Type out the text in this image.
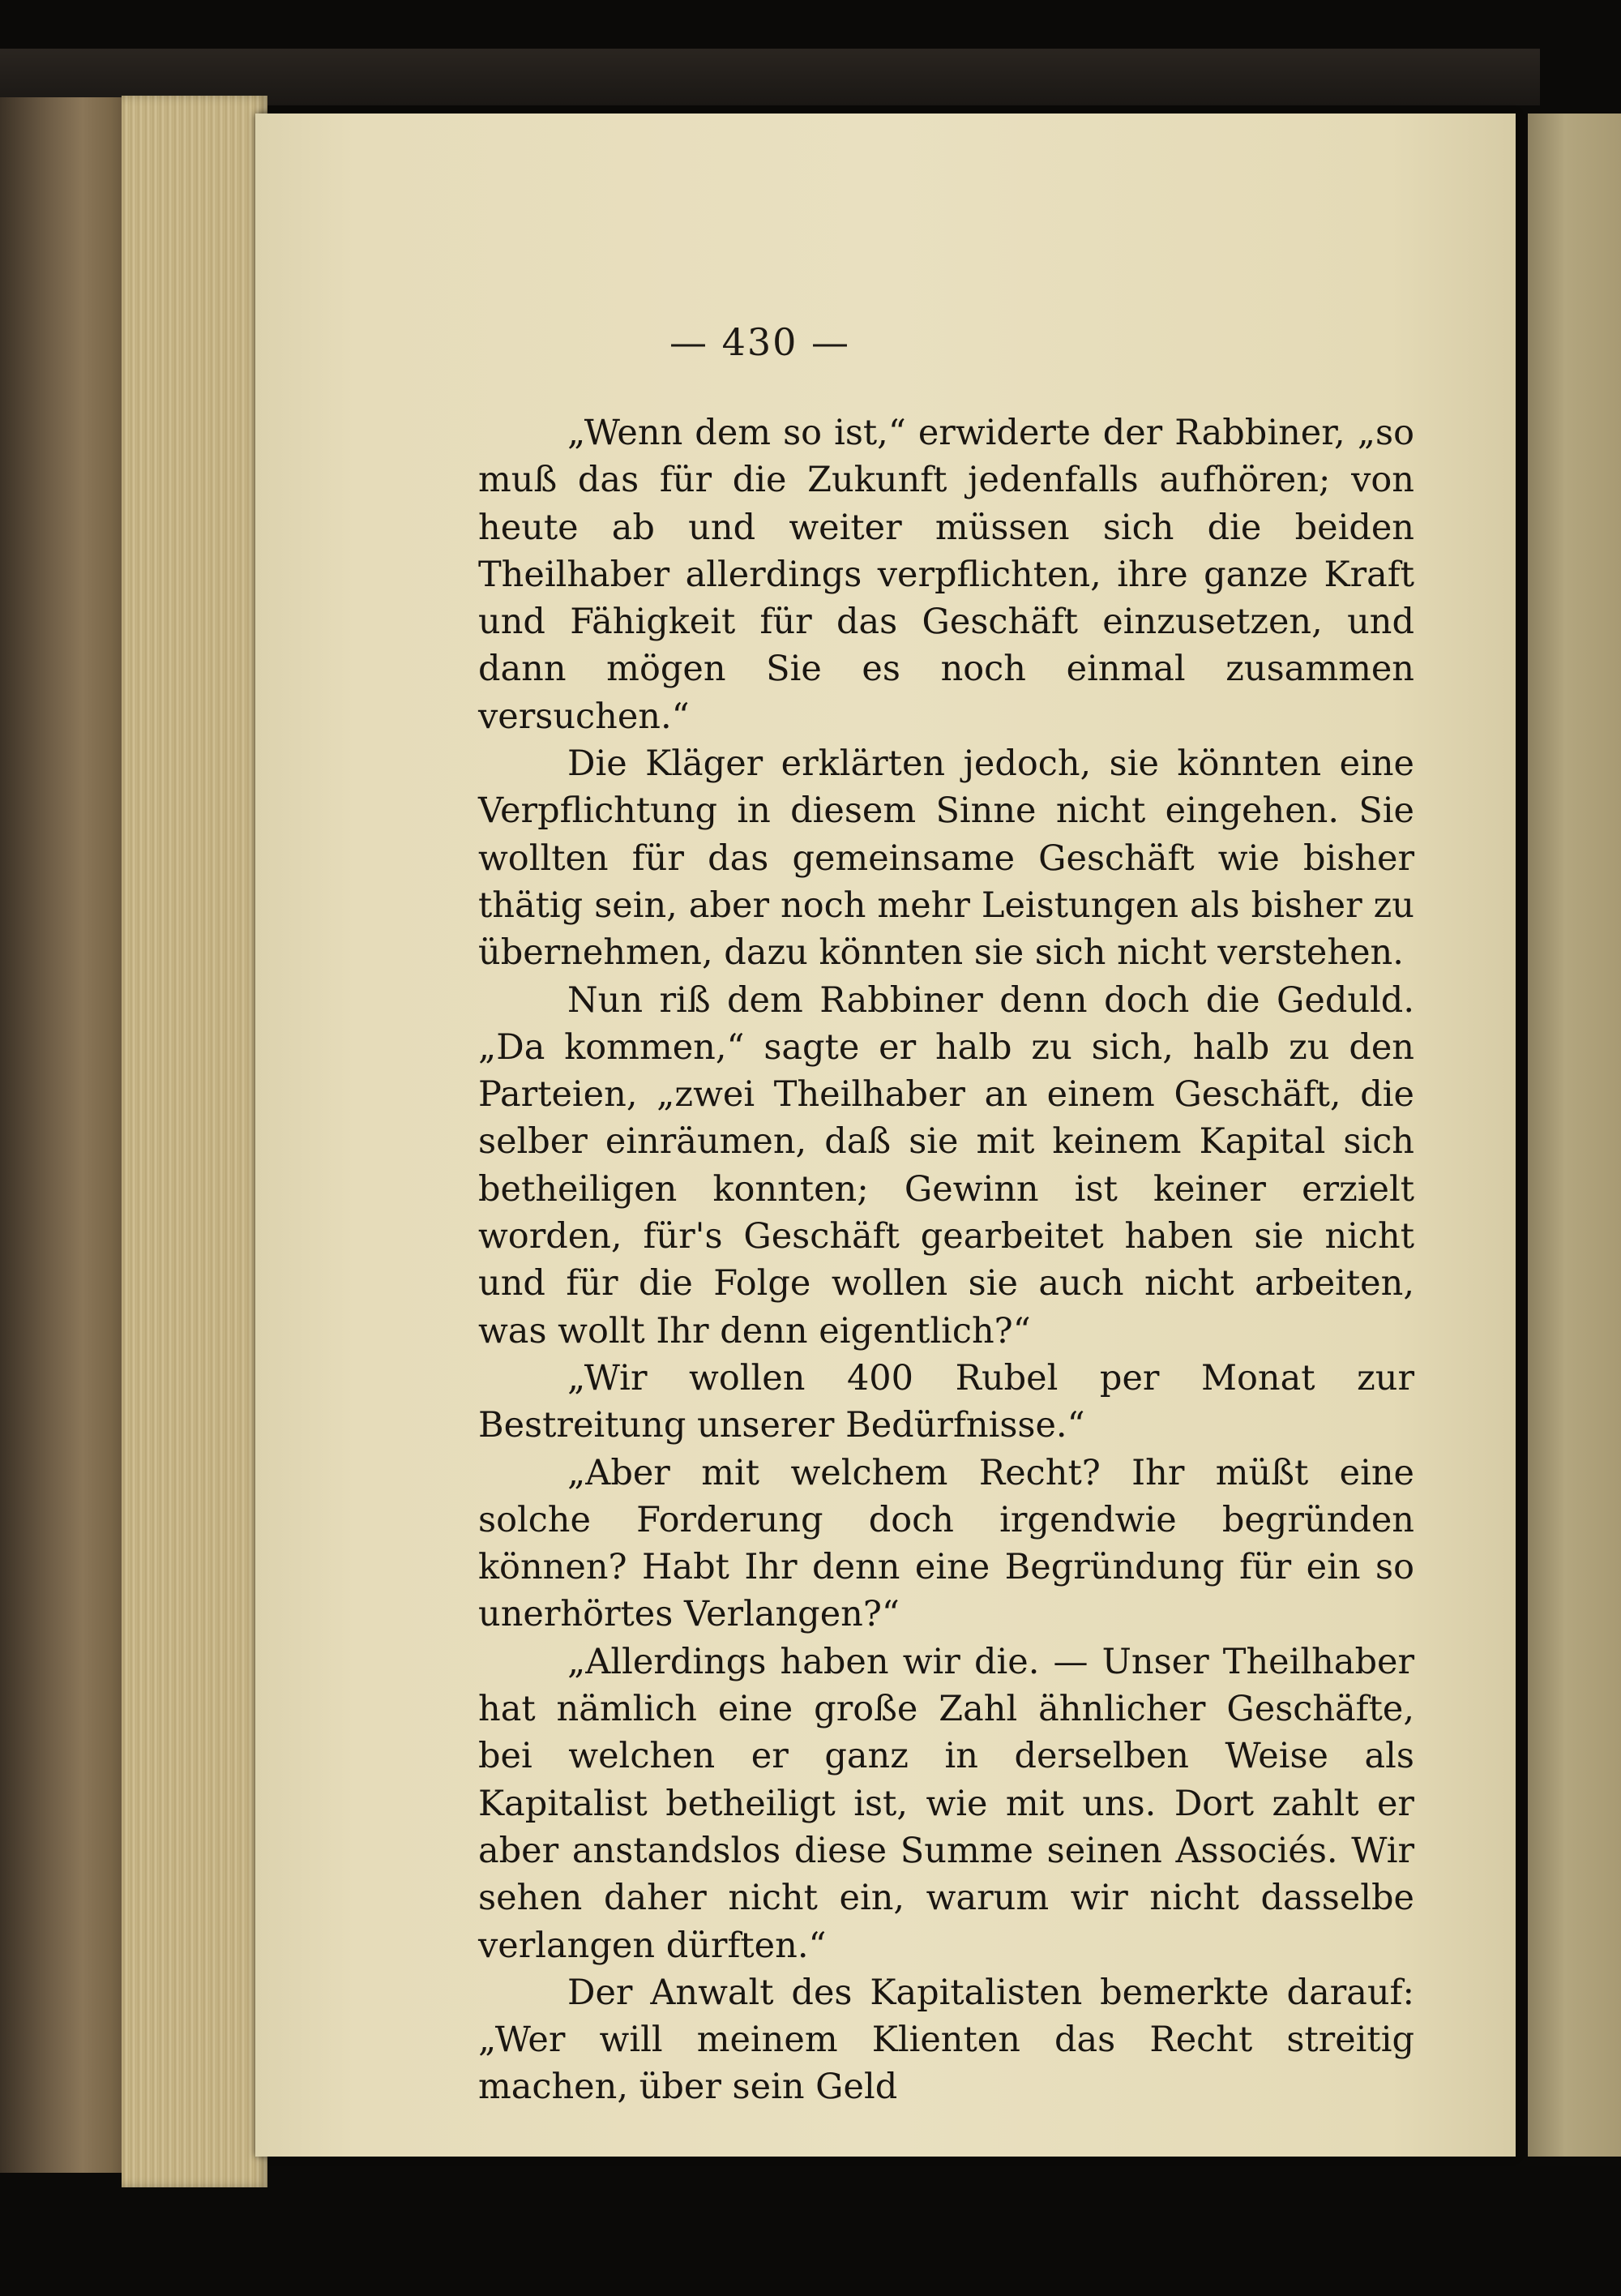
— 430 —

„Wenn dem so ist,“ erwiderte der Rabbiner, „so muß das für die Zukunft jedenfalls aufhören; von heute ab und weiter müssen sich die beiden Theilhaber allerdings verpflichten, ihre ganze Kraft und Fähigkeit für das Geschäft einzusetzen, und dann mögen Sie es noch einmal zusammen versuchen.“

Die Kläger erklärten jedoch, sie könnten eine Verpflichtung in diesem Sinne nicht eingehen. Sie wollten für das gemeinsame Geschäft wie bisher thätig sein, aber noch mehr Leistungen als bisher zu übernehmen, dazu könnten sie sich nicht verstehen.

Nun riß dem Rabbiner denn doch die Geduld. „Da kommen,“ sagte er halb zu sich, halb zu den Parteien, „zwei Theilhaber an einem Geschäft, die selber einräumen, daß sie mit keinem Kapital sich betheiligen konnten; Gewinn ist keiner erzielt worden, für's Geschäft gearbeitet haben sie nicht und für die Folge wollen sie auch nicht arbeiten, was wollt Ihr denn eigentlich?“

„Wir wollen 400 Rubel per Monat zur Bestreitung unserer Bedürfnisse.“

„Aber mit welchem Recht? Ihr müßt eine solche Forderung doch irgendwie begründen können? Habt Ihr denn eine Begründung für ein so unerhörtes Verlangen?“

„Allerdings haben wir die. — Unser Theilhaber hat nämlich eine große Zahl ähnlicher Geschäfte, bei welchen er ganz in derselben Weise als Kapitalist betheiligt ist, wie mit uns. Dort zahlt er aber anstandslos diese Summe seinen Associés. Wir sehen daher nicht ein, warum wir nicht dasselbe verlangen dürften.“

Der Anwalt des Kapitalisten bemerkte darauf: „Wer will meinem Klienten das Recht streitig machen, über sein Geld
